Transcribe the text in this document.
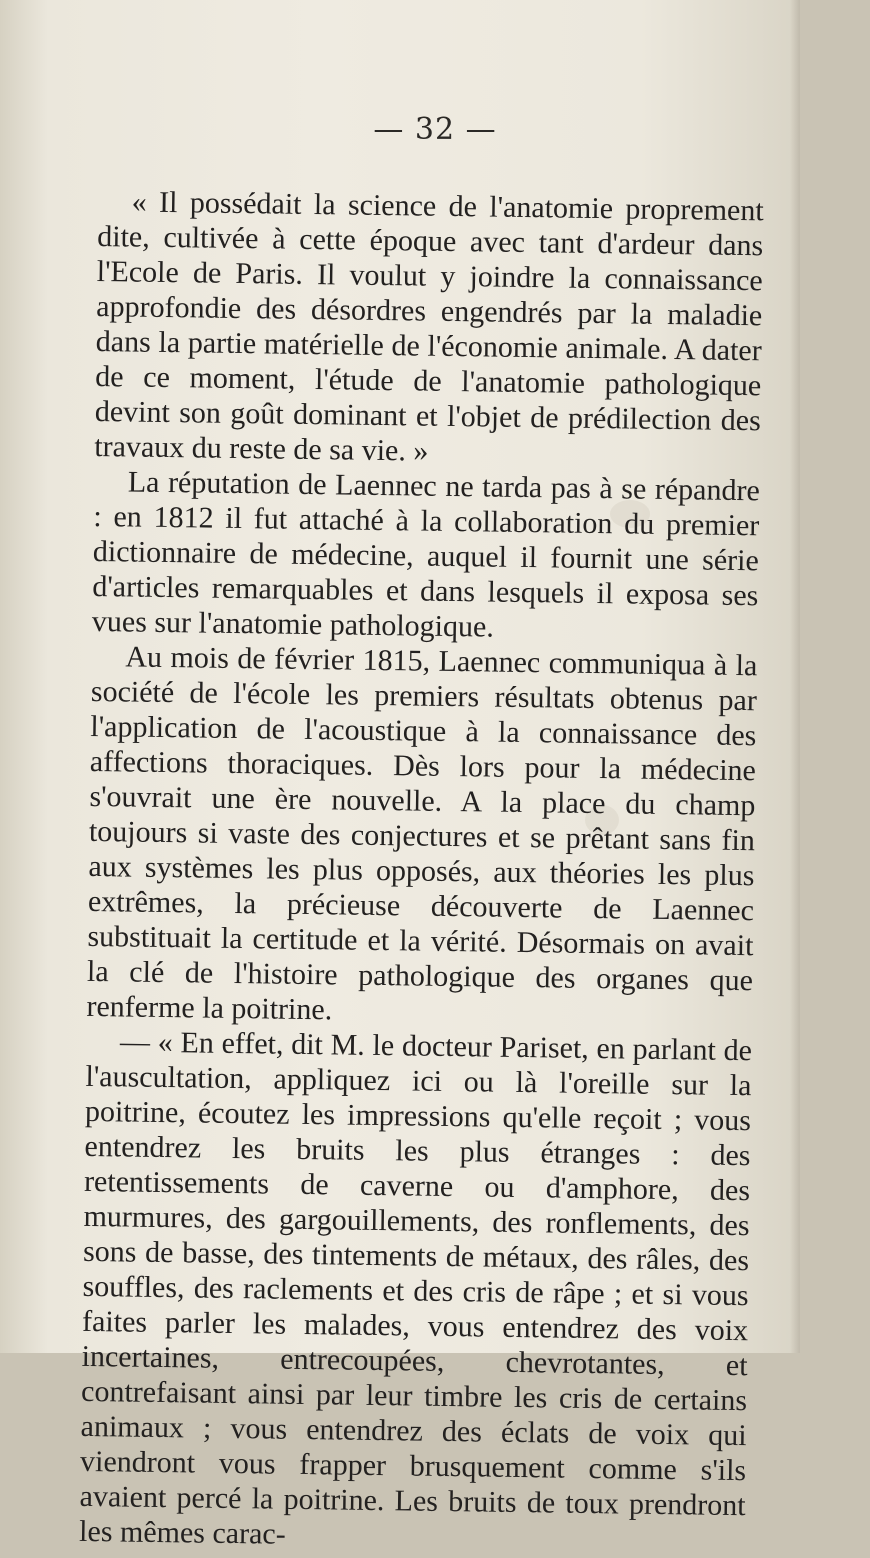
— 32 —

« Il possédait la science de l'anatomie proprement dite, cultivée à cette époque avec tant d'ardeur dans l'Ecole de Paris. Il voulut y joindre la connaissance approfondie des désordres engendrés par la maladie dans la partie matérielle de l'économie animale. A dater de ce moment, l'étude de l'anatomie pathologique devint son goût dominant et l'objet de prédilection des travaux du reste de sa vie. »

La réputation de Laennec ne tarda pas à se répandre : en 1812 il fut attaché à la collaboration du premier dictionnaire de médecine, auquel il fournit une série d'articles remarquables et dans lesquels il exposa ses vues sur l'anatomie pathologique.

Au mois de février 1815, Laennec communiqua à la société de l'école les premiers résultats obtenus par l'application de l'acoustique à la connaissance des affections thoraciques. Dès lors pour la médecine s'ouvrait une ère nouvelle. A la place du champ toujours si vaste des conjectures et se prêtant sans fin aux systèmes les plus opposés, aux théories les plus extrêmes, la précieuse découverte de Laennec substituait la certitude et la vérité. Désormais on avait la clé de l'histoire pathologique des organes que renferme la poitrine.

— « En effet, dit M. le docteur Pariset, en parlant de l'auscultation, appliquez ici ou là l'oreille sur la poitrine, écoutez les impressions qu'elle reçoit ; vous entendrez les bruits les plus étranges : des retentissements de caverne ou d'amphore, des murmures, des gargouillements, des ronflements, des sons de basse, des tintements de métaux, des râles, des souffles, des raclements et des cris de râpe ; et si vous faites parler les malades, vous entendrez des voix incertaines, entrecoupées, chevrotantes, et contrefaisant ainsi par leur timbre les cris de certains animaux ; vous entendrez des éclats de voix qui viendront vous frapper brusquement comme s'ils avaient percé la poitrine. Les bruits de toux prendront les mêmes carac-
